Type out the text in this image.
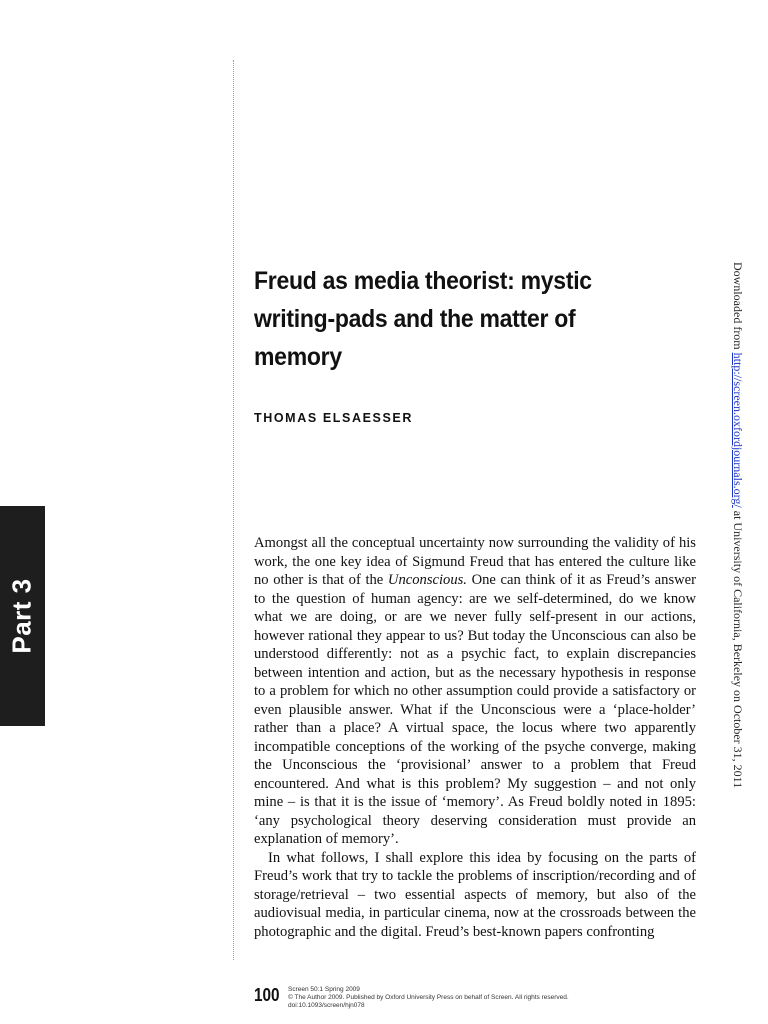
Part 3
Freud as media theorist: mystic writing-pads and the matter of memory
THOMAS ELSAESSER

Amongst all the conceptual uncertainty now surrounding the validity of his work, the one key idea of Sigmund Freud that has entered the culture like no other is that of the Unconscious. One can think of it as Freud’s answer to the question of human agency: are we self-determined, do we know what we are doing, or are we never fully self-present in our actions, however rational they appear to us? But today the Unconscious can also be understood differently: not as a psychic fact, to explain discrepancies between intention and action, but as the necessary hypothesis in response to a problem for which no other assumption could provide a satisfactory or even plausible answer. What if the Unconscious were a ‘place-holder’ rather than a place? A virtual space, the locus where two apparently incompatible conceptions of the working of the psyche converge, making the Unconscious the ‘provisional’ answer to a problem that Freud encountered. And what is this problem? My suggestion – and not only mine – is that it is the issue of ‘memory’. As Freud boldly noted in 1895: ‘any psychological theory deserving consideration must provide an explanation of memory’.

In what follows, I shall explore this idea by focusing on the parts of Freud’s work that try to tackle the problems of inscription/recording and of storage/retrieval – two essential aspects of memory, but also of the audiovisual media, in particular cinema, now at the crossroads between the photographic and the digital. Freud’s best-known papers confronting

Downloaded from http://screen.oxfordjournals.org/ at University of California, Berkeley on October 31, 2011
100 Screen 50:1 Spring 2009
© The Author 2009. Published by Oxford University Press on behalf of Screen. All rights reserved.
doi:10.1093/screen/hjn078
